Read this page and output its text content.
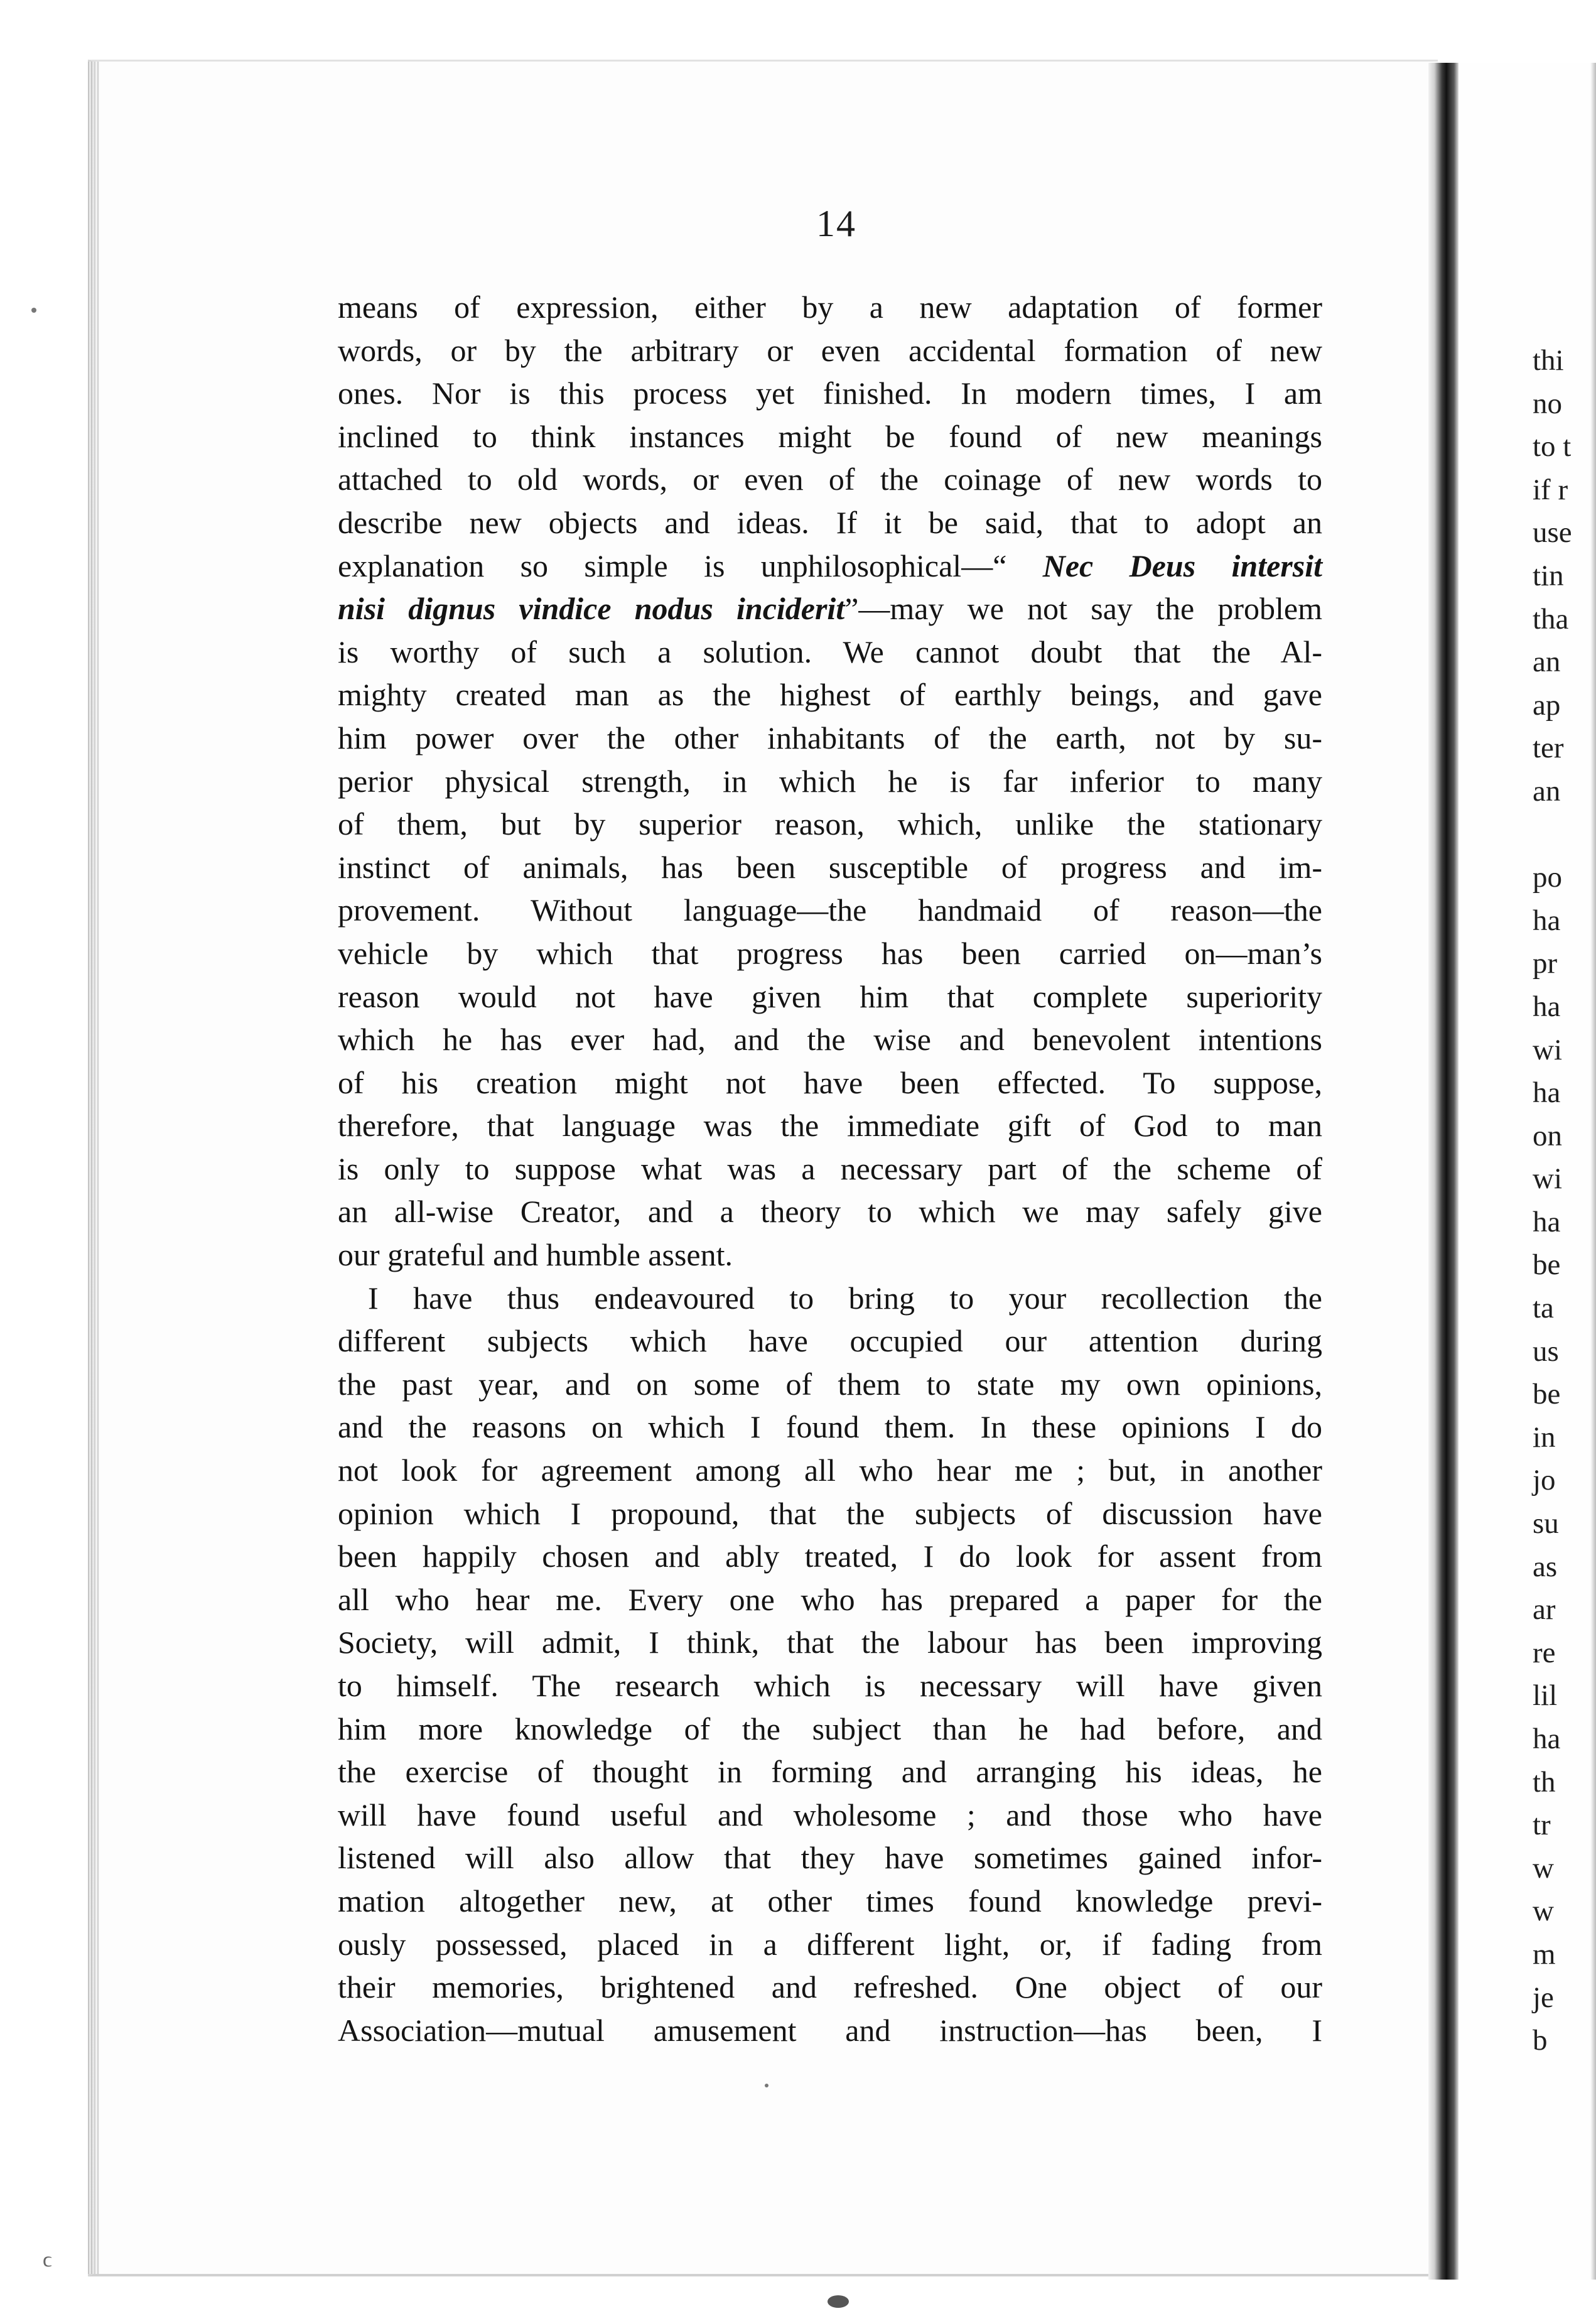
thi
no
to t
if r
use
tin
tha
an
ap
ter
an
po
ha
pr
ha
wi
ha
on
wi
ha
be
ta
us
be
in
jo
su
as
ar
re
lil
ha
th
tr
w
w
m
je
b
14
means of expression, either by a new adaptation of former
words, or by the arbitrary or even accidental formation of new
ones. Nor is this process yet finished. In modern times, I am
inclined to think instances might be found of new meanings
attached to old words, or even of the coinage of new words to
describe new objects and ideas. If it be said, that to adopt an
explanation so simple is unphilosophical—“ Nec Deus intersit
nisi dignus vindice nodus inciderit”—may we not say the problem
is worthy of such a solution. We cannot doubt that the Al-
mighty created man as the highest of earthly beings, and gave
him power over the other inhabitants of the earth, not by su-
perior physical strength, in which he is far inferior to many
of them, but by superior reason, which, unlike the stationary
instinct of animals, has been susceptible of progress and im-
provement. Without language—the handmaid of reason—the
vehicle by which that progress has been carried on—man’s
reason would not have given him that complete superiority
which he has ever had, and the wise and benevolent intentions
of his creation might not have been effected. To suppose,
therefore, that language was the immediate gift of God to man
is only to suppose what was a necessary part of the scheme of
an all-wise Creator, and a theory to which we may safely give
our grateful and humble assent.
I have thus endeavoured to bring to your recollection the
different subjects which have occupied our attention during
the past year, and on some of them to state my own opinions,
and the reasons on which I found them. In these opinions I do
not look for agreement among all who hear me ; but, in another
opinion which I propound, that the subjects of discussion have
been happily chosen and ably treated, I do look for assent from
all who hear me. Every one who has prepared a paper for the
Society, will admit, I think, that the labour has been improving
to himself. The research which is necessary will have given
him more knowledge of the subject than he had before, and
the exercise of thought in forming and arranging his ideas, he
will have found useful and wholesome ; and those who have
listened will also allow that they have sometimes gained infor-
mation altogether new, at other times found knowledge previ-
ously possessed, placed in a different light, or, if fading from
their memories, brightened and refreshed. One object of our
Association—mutual amusement and instruction—has been, I
ϲ
